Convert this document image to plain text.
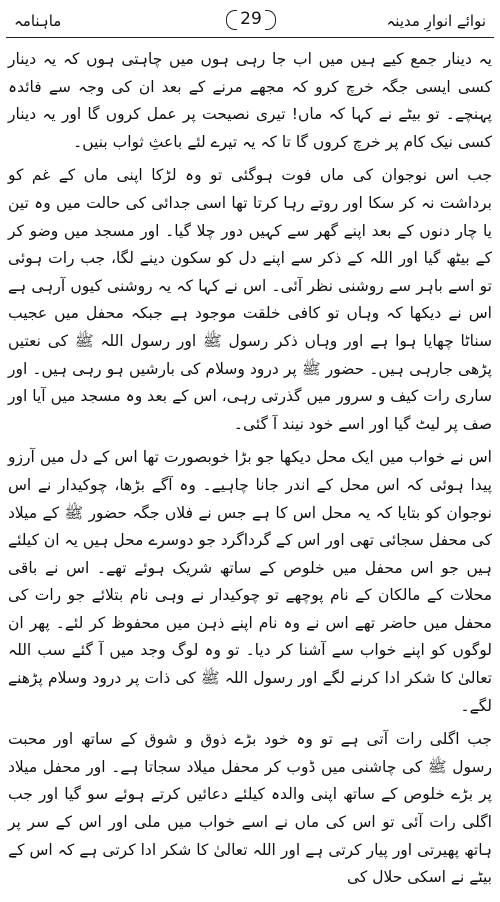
ماہنامہ	29	نوائے انوارِ مدینہ

یہ دینار جمع کیے ہیں میں اب جا رہی ہوں میں چاہتی ہوں کہ یہ دینار کسی ایسی جگہ خرچ کرو کہ مجھے مرنے کے بعد ان کی وجہ سے فائدہ پہنچے۔ تو بیٹے نے کہا کہ ماں! تیری نصیحت پر عمل کروں گا اور یہ دینار کسی نیک کام پر خرچ کروں گا تا کہ یہ تیرے لئے باعثِ ثواب بنیں۔

جب اس نوجوان کی ماں فوت ہوگئی تو وہ لڑکا اپنی ماں کے غم کو برداشت نہ کر سکا اور روتے رہا کرتا تھا اسی جدائی کی حالت میں وہ تین یا چار دنوں کے بعد اپنے گھر سے کہیں دور چلا گیا۔ اور مسجد میں وضو کر کے بیٹھ گیا اور اللہ کے ذکر سے اپنے دل کو سکون دینے لگا، جب رات ہوئی تو اسے باہر سے روشنی نظر آئی۔ اس نے کہا کہ یہ روشنی کیوں آرہی ہے اس نے دیکھا کہ وہاں تو کافی خلقت موجود ہے جبکہ محفل میں عجیب سناٹا چھایا ہوا ہے اور وہاں ذکر رسول ﷺ اور رسول اللہ ﷺ کی نعتیں پڑھی جارہی ہیں۔ حضور ﷺ پر درود وسلام کی بارشیں ہو رہی ہیں۔ اور ساری رات کیف و سرور میں گذرتی رہی، اس کے بعد وہ مسجد میں آیا اور صف پر لیٹ گیا اور اسے خود نیند آ گئی۔

اس نے خواب میں ایک محل دیکھا جو بڑا خوبصورت تھا اس کے دل میں آرزو پیدا ہوئی کہ اس محل کے اندر جانا چاہیے۔ وہ آگے بڑھا، چوکیدار نے اس نوجوان کو بتایا کہ یہ محل اس کا ہے جس نے فلاں جگہ حضور ﷺ کے میلاد کی محفل سجائی تھی اور اس کے گرداگرد جو دوسرے محل ہیں یہ ان کیلئے ہیں جو اس محفل میں خلوص کے ساتھ شریک ہوئے تھے۔ اس نے باقی محلات کے مالکان کے نام پوچھے تو چوکیدار نے وہی نام بتلائے جو رات کی محفل میں حاضر تھے اس نے وہ نام اپنے ذہن میں محفوظ کر لئے۔ پھر ان لوگوں کو اپنے خواب سے آشنا کر دیا۔ تو وہ لوگ وجد میں آ گئے سب اللہ تعالیٰ کا شکر ادا کرنے لگے اور رسول اللہ ﷺ کی ذات پر درود وسلام پڑھنے لگے۔

جب اگلی رات آتی ہے تو وہ خود بڑے ذوق و شوق کے ساتھ اور محبت رسول ﷺ کی چاشنی میں ڈوب کر محفل میلاد سجاتا ہے۔ اور محفل میلاد پر بڑے خلوص کے ساتھ اپنی والدہ کیلئے دعائیں کرتے ہوئے سو گیا اور جب اگلی رات آئی تو اس کی ماں نے اسے خواب میں ملی اور اس کے سر پر ہاتھ پھیرتی اور پیار کرتی ہے اور اللہ تعالیٰ کا شکر ادا کرتی ہے کہ اس کے بیٹے نے اسکی حلال کی
